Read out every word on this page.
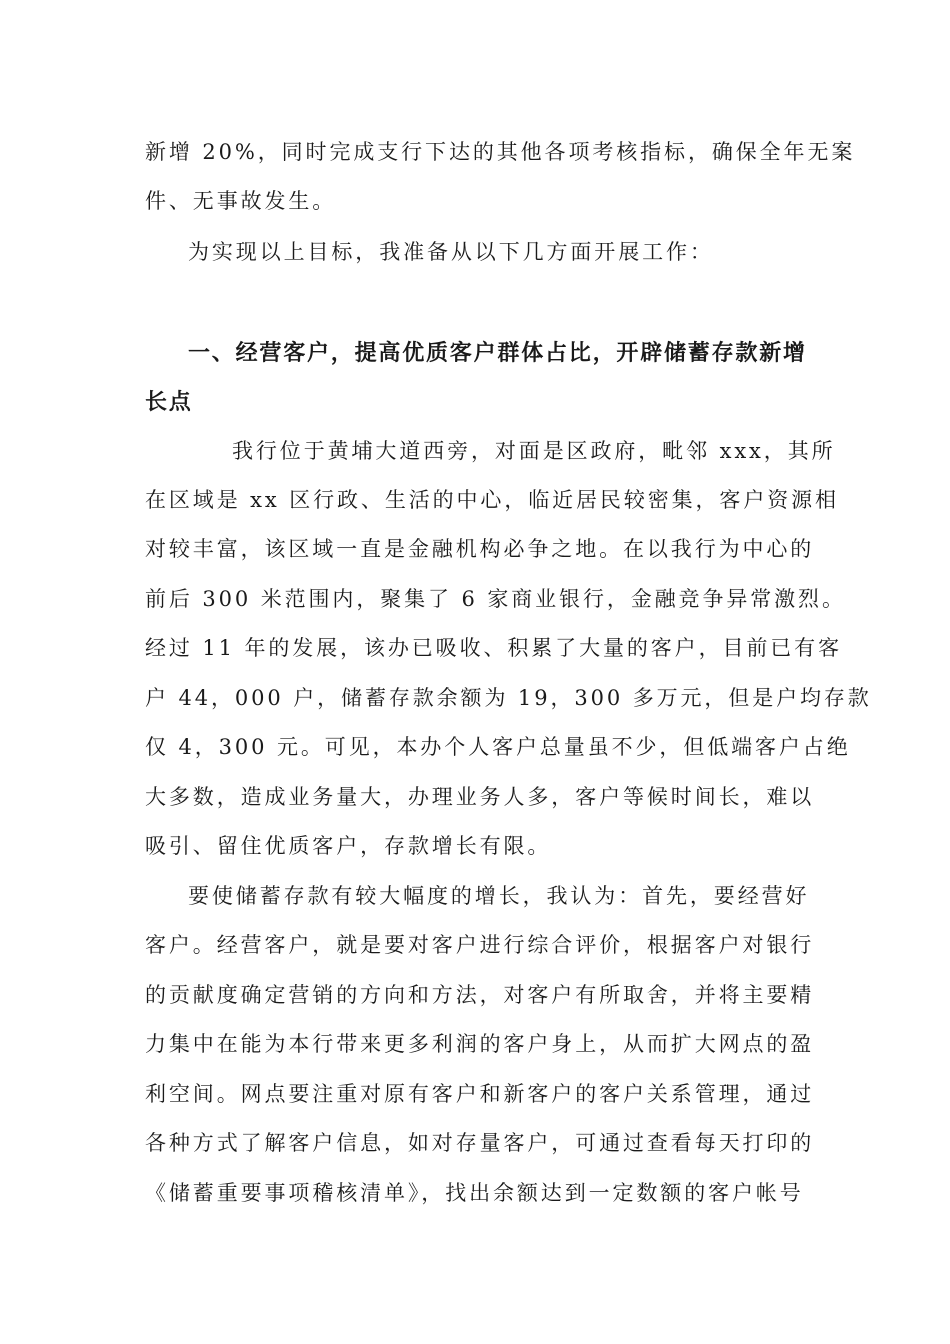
新增 20%，同时完成支行下达的其他各项考核指标，确保全年无案
件、无事故发生。
为实现以上目标，我准备从以下几方面开展工作：
一、经营客户，提高优质客户群体占比，开辟储蓄存款新增
长点
我行位于黄埔大道西旁，对面是区政府，毗邻 xxx，其所
在区域是 xx 区行政、生活的中心，临近居民较密集，客户资源相
对较丰富，该区域一直是金融机构必争之地。在以我行为中心的
前后 300 米范围内，聚集了 6 家商业银行，金融竞争异常激烈。
经过 11 年的发展，该办已吸收、积累了大量的客户，目前已有客
户 44，000 户，储蓄存款余额为 19，300 多万元，但是户均存款
仅 4，300 元。可见，本办个人客户总量虽不少，但低端客户占绝
大多数，造成业务量大，办理业务人多，客户等候时间长，难以
吸引、留住优质客户，存款增长有限。
要使储蓄存款有较大幅度的增长，我认为：首先，要经营好
客户。经营客户，就是要对客户进行综合评价，根据客户对银行
的贡献度确定营销的方向和方法，对客户有所取舍，并将主要精
力集中在能为本行带来更多利润的客户身上，从而扩大网点的盈
利空间。网点要注重对原有客户和新客户的客户关系管理，通过
各种方式了解客户信息，如对存量客户，可通过查看每天打印的
《储蓄重要事项稽核清单》，找出余额达到一定数额的客户帐号
